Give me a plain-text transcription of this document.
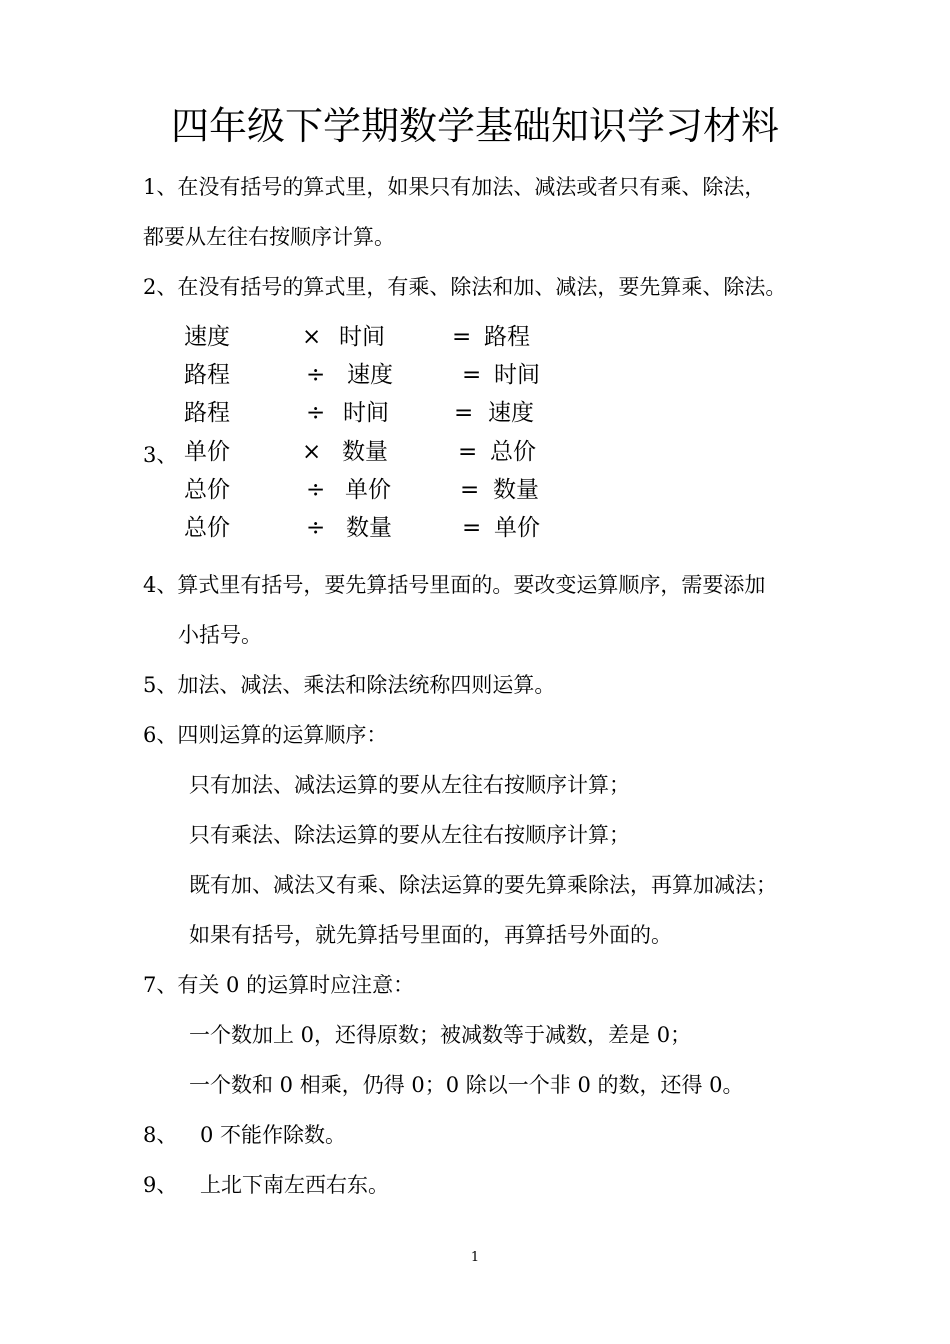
四年级下学期数学基础知识学习材料
1、在没有括号的算式里，如果只有加法、减法或者只有乘、除法，
都要从左往右按顺序计算。
2、在没有括号的算式里，有乘、除法和加、减法，要先算乘、除法。
3、
速度	× 时间	= 路程
路程	÷ 速度	= 时间
路程	÷ 时间	= 速度
单价	× 数量	= 总价
总价	÷ 单价	= 数量
总价	÷ 数量	= 单价
4、算式里有括号，要先算括号里面的。要改变运算顺序，需要添加
小括号。
5、加法、减法、乘法和除法统称四则运算。
6、四则运算的运算顺序：
只有加法、减法运算的要从左往右按顺序计算；
只有乘法、除法运算的要从左往右按顺序计算；
既有加、减法又有乘、除法运算的要先算乘除法，再算加减法；
如果有括号，就先算括号里面的，再算括号外面的。
7、有关 0 的运算时应注意：
一个数加上 0，还得原数；被减数等于减数，差是 0；
一个数和 0 相乘，仍得 0；0 除以一个非 0 的数，还得 0。
8、 0 不能作除数。
9、 上北下南左西右东。
1
